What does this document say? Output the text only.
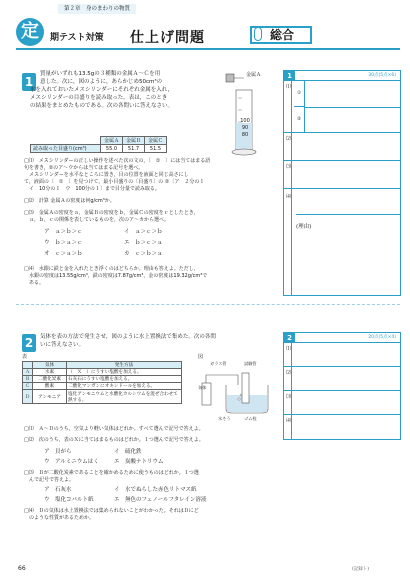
第２章　身のまわりの物質
定	期テスト対策 仕上げ問題	総合
1
質量がいずれも13.5gの３種類の金属Ａ～Ｃを用
意した。次に，図のように，あらかじめ50cm³の
水を入れておいたメスシリンダーにそれぞれ金属を入れ，
メスシリンダーの目盛りを読み取った。表は，このとき
の結果をまとめたものである。次の各問いに答えなさい。
金属Ａ
100
90
80
	金属Ａ	金属Ｂ	金属Ｃ
読み取った目盛り(cm³)	55.0	51.7	51.5
□⑴　メスシリンダーの正しい操作を述べた次の文の，〔　①　〕には当てはまる語
句を書き，②のア～ウからは当てはまる記号を選べ。
　メスシリンダーを水平なところに置き，目の位置を液面と同じ高さにし
て，液面の〔　①　〕を見つけて，最小目盛りの〔目盛り〕の ②〔ア　２分の１
　イ　10分の１　ウ　100分の１〕まで目分量で読み取る。
□⑵　計算 金属Ａの密度は何g/cm³か。
□⑶　金属Ａの密度をａ，金属Ｂの密度をｂ，金属Ｃの密度をｃとしたとき，
　ａ，ｂ，ｃの関係を表しているものを，次のア～カから選べ。
ア　ａ＞ｂ＞ｃ	イ　ａ＞ｃ＞ｂ
ウ　ｂ＞ａ＞ｃ	エ　ｂ＞ｃ＞ａ
オ　ｃ＞ａ＞ｂ	カ　ｃ＞ｂ＞ａ
□⑷　水銀に鉄と金を入れたとき浮くのはどちらか。理由も答えよ。ただし，
　水銀の密度は13.55g/cm³，鉄の密度は7.87g/cm³，金の密度は19.32g/cm³で
　ある。
1	30点(5点×6)
⑴
①
②
⑵
⑶
⑷
(理由)
2	気体を表の方法で発生させ，図のように水上置換法で集めた。次の各問
いに答えなさい。
表
	気体	発生方法
Ａ	水素	（　Ｘ　）にうすい塩酸を加える。
Ｂ	二酸化炭素	石灰石にうすい塩酸を加える。
Ｃ	酸素	二酸化マンガンにオキシドールを加える。
Ｄ	アンモニア	塩化アンモニウムと水酸化カルシウムを混ぜ合わせて熱する。
図
ガラス管	試験管
気体
水そう	ゴム栓
□⑴　Ａ～Ｄのうち，空気より軽い気体はどれか。すべて選んで記号で答えよ。
□⑵　次のうち，表のＸに当てはまるものはどれか。１つ選んで記号で答えよ。
ア　貝がら	イ　硫化鉄
ウ　アルミニウムはく	エ　炭酸ナトリウム
□⑶　Ｂが二酸化炭素であることを確かめるために使うものはどれか。１つ選
　んで記号で答えよ。
ア　石灰水	イ　水でぬらした赤色リトマス紙
ウ　塩化コバルト紙	エ　無色のフェノールフタレイン溶液
□⑷　Ｄの気体は水上置換法では集められないことがわかった。それはＤにど
　のような性質があるためか。
2	20点(5点×4)
⑴
⑵
⑶
⑷
66	(記録ト)
